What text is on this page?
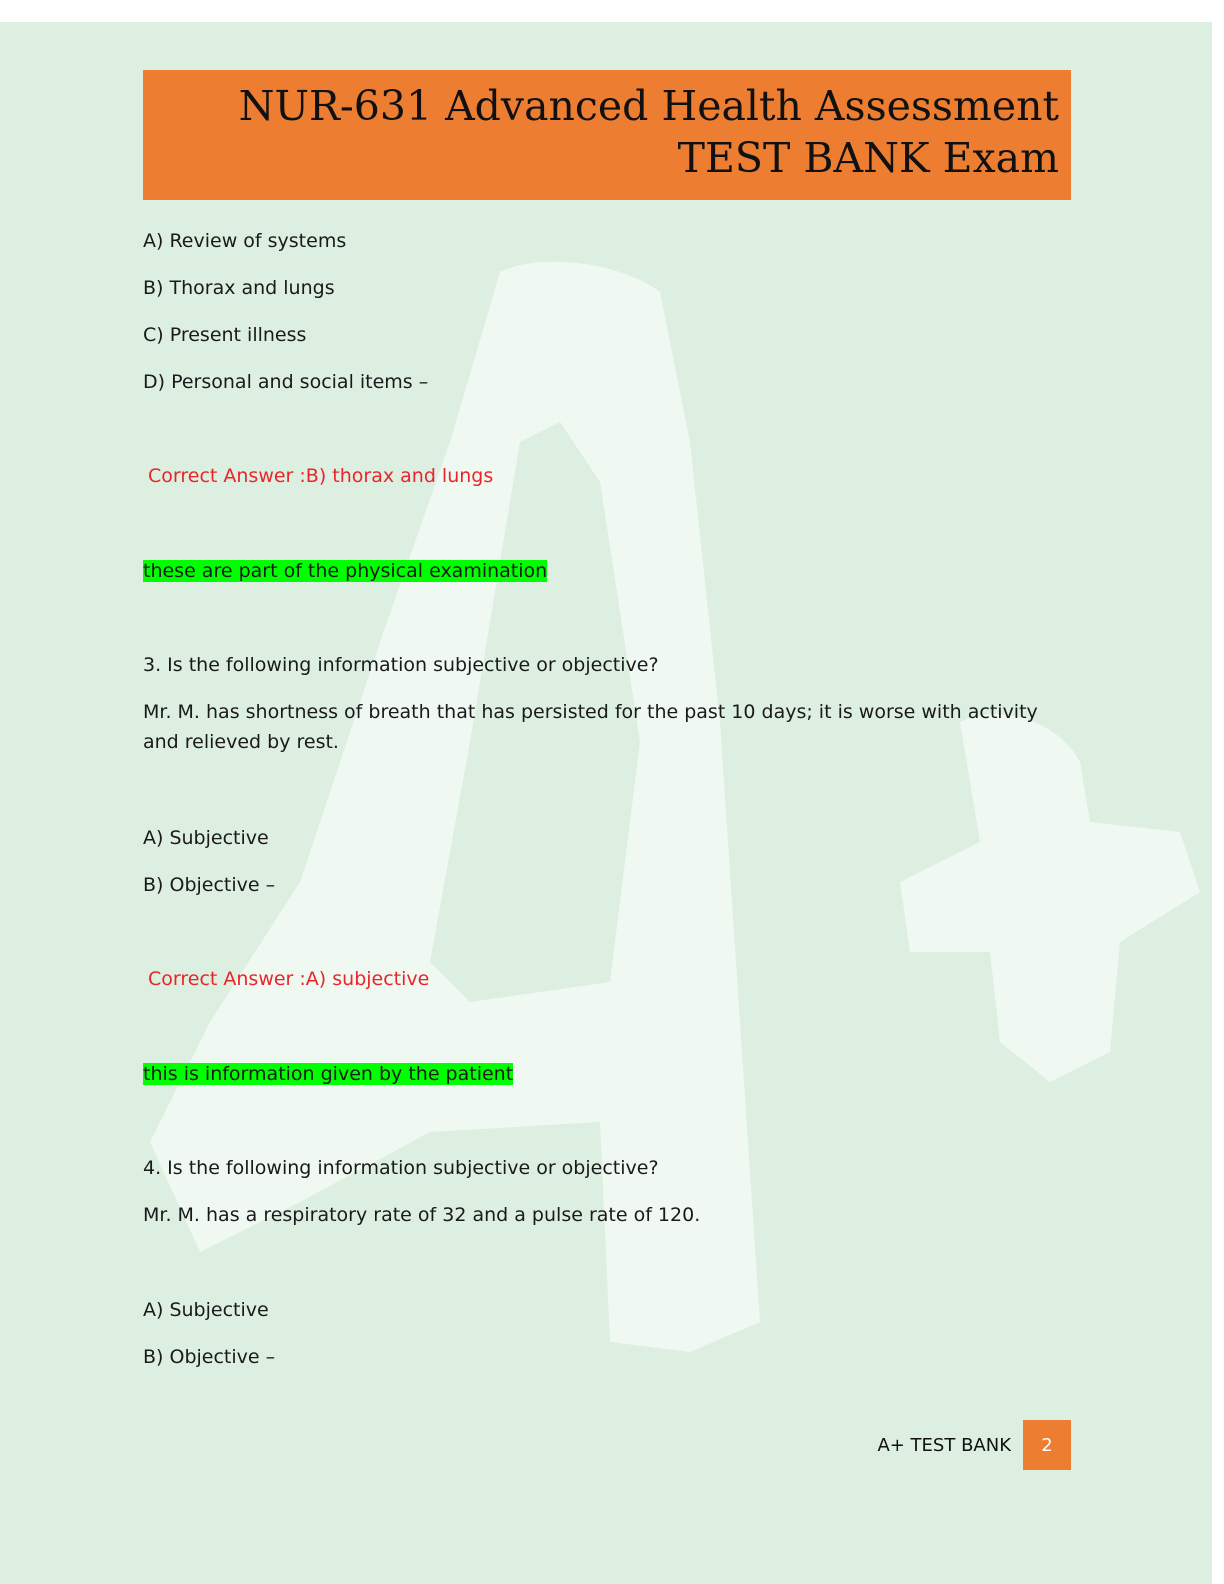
NUR-631 Advanced Health Assessment
TEST BANK Exam
A) Review of systems
B) Thorax and lungs
C) Present illness
D) Personal and social items –
Correct Answer :B) thorax and lungs
these are part of the physical examination
3. Is the following information subjective or objective?
Mr. M. has shortness of breath that has persisted for the past 10 days; it is worse with activity and relieved by rest.
A) Subjective
B) Objective –
Correct Answer :A) subjective
this is information given by the patient
4. Is the following information subjective or objective?
Mr. M. has a respiratory rate of 32 and a pulse rate of 120.
A) Subjective
B) Objective –
A+ TEST BANK	2
